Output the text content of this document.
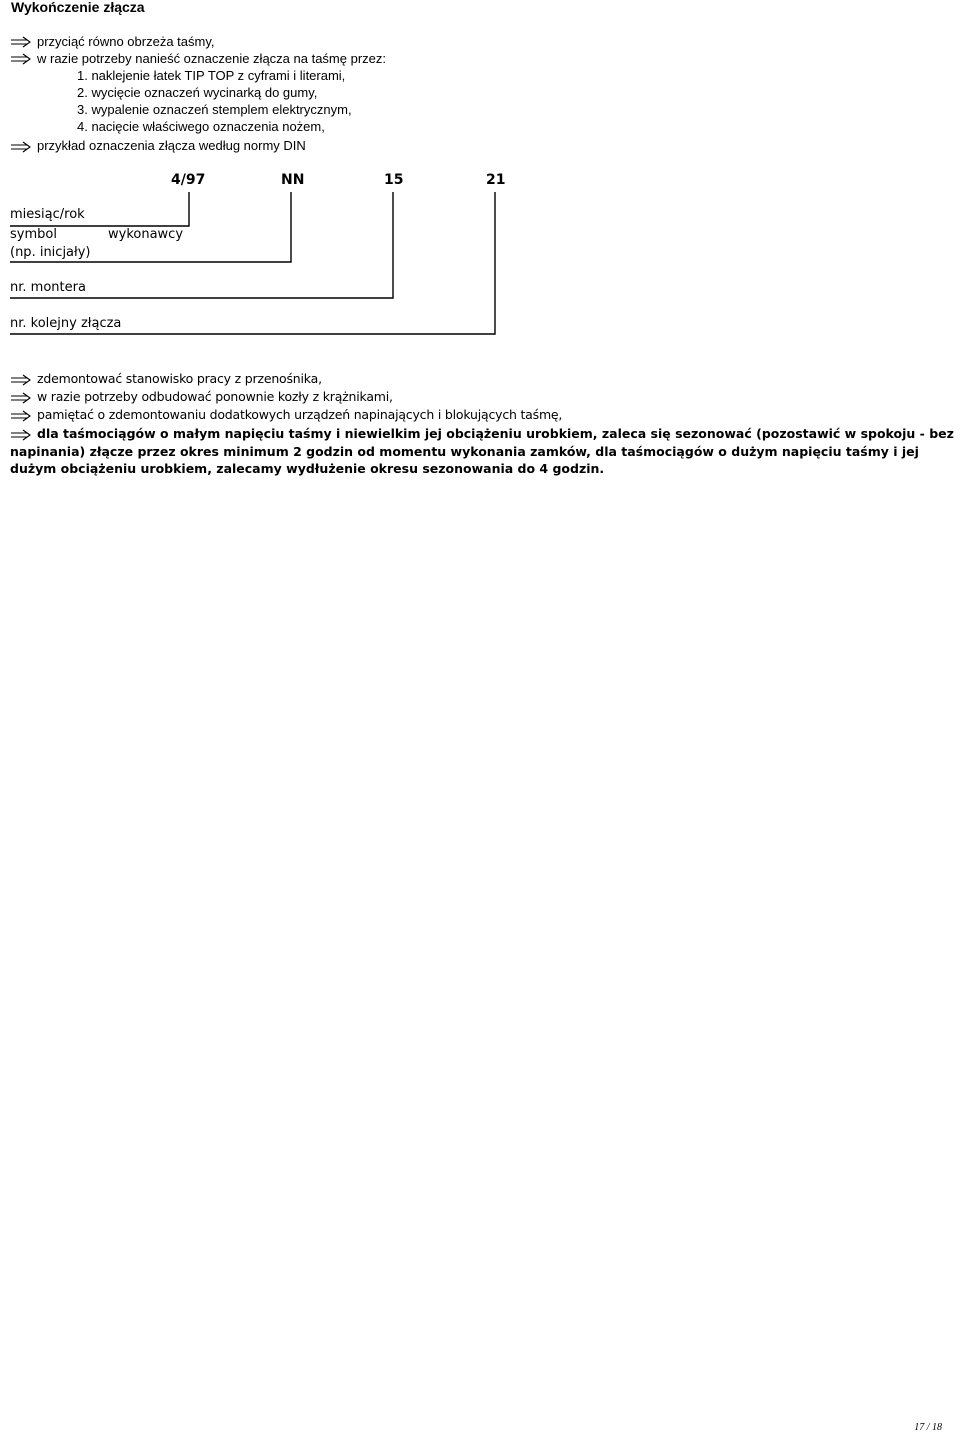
Wykończenie złącza
przyciąć równo obrzeża taśmy,
w razie potrzeby nanieść oznaczenie złącza na taśmę przez:
1. naklejenie łatek TIP TOP z cyframi i literami,
2. wycięcie oznaczeń wycinarką do gumy,
3. wypalenie oznaczeń stemplem elektrycznym,
4. nacięcie właściwego oznaczenia nożem,
przykład oznaczenia złącza według normy DIN
4/97	NN	15	21
miesiąc/rok
symbol	wykonawcy
(np. inicjały)
nr. montera
nr. kolejny złącza
zdemontować stanowisko pracy z przenośnika,
w razie potrzeby odbudować ponownie kozły z krążnikami,
pamiętać o zdemontowaniu dodatkowych urządzeń napinających i blokujących taśmę,
dla taśmociągów o małym napięciu taśmy i niewielkim jej obciążeniu urobkiem, zaleca się sezonować (pozostawić w spokoju - bez napinania) złącze przez okres minimum 2 godzin od momentu wykonania zamków, dla taśmociągów o dużym napięciu taśmy i jej dużym obciążeniu urobkiem, zalecamy wydłużenie okresu sezonowania do 4 godzin.
17 / 18
